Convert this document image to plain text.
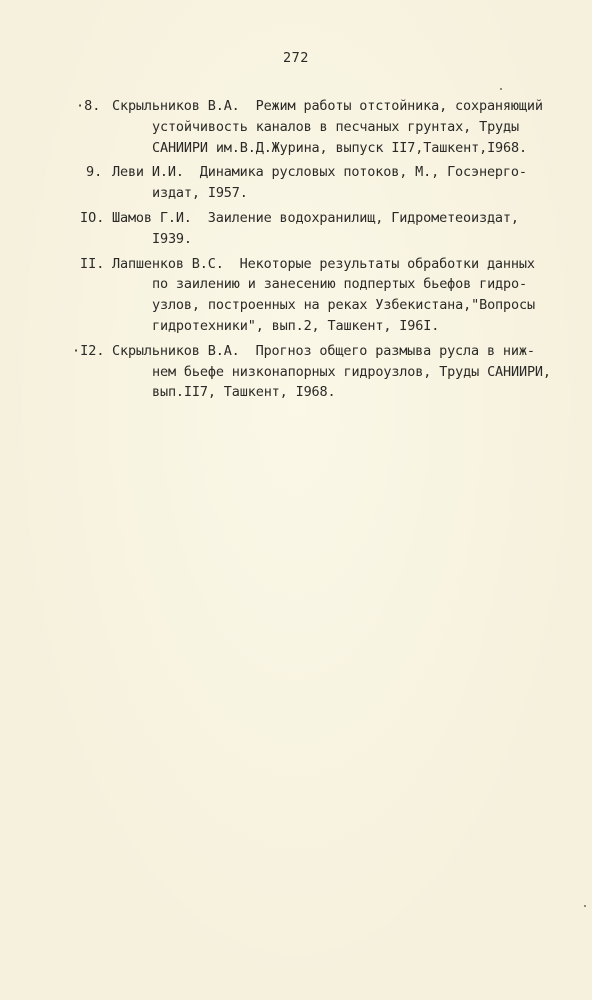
272
·8. Скрыльников В.А.  Режим работы отстойника, сохраняющий
устойчивость каналов в песчаных грунтах, Труды
САНИИРИ им.В.Д.Журина, выпуск II7,Ташкент,I968.
9. Леви И.И.  Динамика русловых потоков, М., Госэнерго-
издат, I957.
IO. Шамов Г.И.  Заиление водохранилищ, Гидрометеоиздат,
I939.
II. Лапшенков В.С.  Некоторые результаты обработки данных
по заилению и занесению подпертых бьефов гидро-
узлов, построенных на реках Узбекистана,"Вопросы
гидротехники", вып.2, Ташкент, I96I.
·I2. Скрыльников В.А.  Прогноз общего размыва русла в ниж-
нем бьефе низконапорных гидроузлов, Труды САНИИРИ,
вып.II7, Ташкент, I968.
